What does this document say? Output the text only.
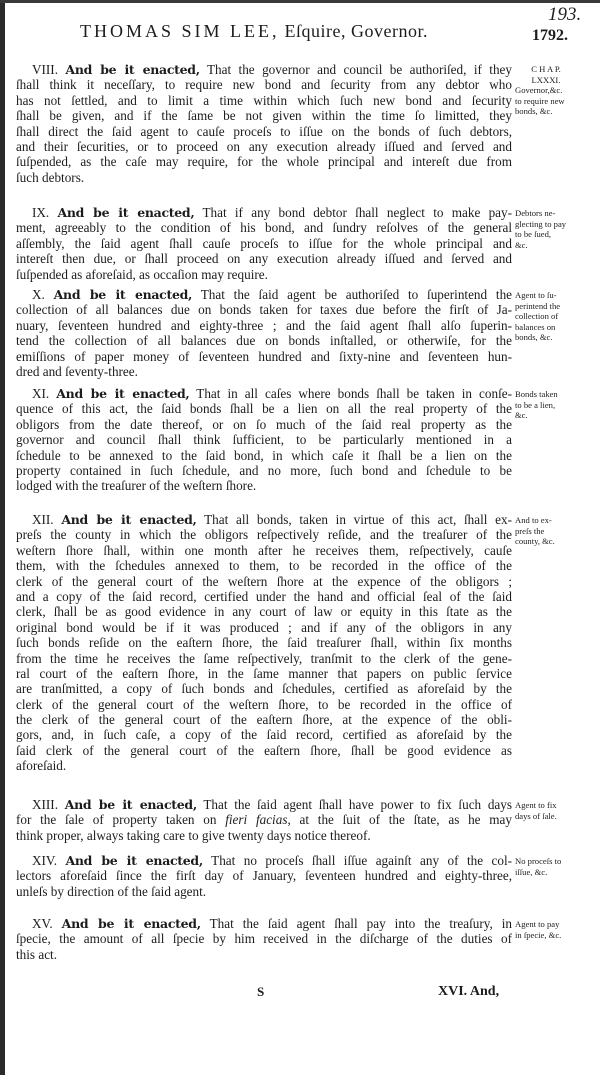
193.
THOMAS SIM LEE, Eſquire, Governor.	1792.
C H A P.
LXXXI.
VIII. And be it enacted, That the governor and council be authoriſed, if they
ſhall think it neceſſary, to require new bond and ſecurity from any debtor who
has not ſettled, and to limit a time within which ſuch new bond and ſecurity
ſhall be given, and if the ſame be not given within the time ſo limitted, they
ſhall direct the ſaid agent to cauſe proceſs to iſſue on the bonds of ſuch debtors,
and their ſecurities, or to proceed on any execution already iſſued and ſerved and
ſuſpended, as the caſe may require, for the whole principal and intereſt due from
ſuch debtors.
Governor,&c.
to require new
bonds, &c.
IX. And be it enacted, That if any bond debtor ſhall neglect to make pay-
ment, agreeably to the condition of his bond, and ſundry reſolves of the general
aſſembly, the ſaid agent ſhall cauſe proceſs to iſſue for the whole principal and
intereſt then due, or ſhall proceed on any execution already iſſued and ſerved and
ſuſpended as aforeſaid, as occaſion may require.
Debtors ne-
glecting to pay
to be ſued,
&c.
X. And be it enacted, That the ſaid agent be authoriſed to ſuperintend the
collection of all balances due on bonds taken for taxes due before the firſt of Ja-
nuary, ſeventeen hundred and eighty-three ; and the ſaid agent ſhall alſo ſuperin-
tend the collection of all balances due on bonds inſtalled, or otherwiſe, for the
emiſſions of paper money of ſeventeen hundred and ſixty-nine and ſeventeen hun-
dred and ſeventy-three.
Agent to ſu-
perintend the
collection of
balances on
bonds, &c.
XI. And be it enacted, That in all caſes where bonds ſhall be taken in conſe-
quence of this act, the ſaid bonds ſhall be a lien on all the real property of the
obligors from the date thereof, or on ſo much of the ſaid real property as the
governor and council ſhall think ſufficient, to be particularly mentioned in a
ſchedule to be annexed to the ſaid bond, in which caſe it ſhall be a lien on the
property contained in ſuch ſchedule, and no more, ſuch bond and ſchedule to be
lodged with the treaſurer of the weſtern ſhore.
Bonds taken
to be a lien,
&c.
XII. And be it enacted, That all bonds, taken in virtue of this act, ſhall ex-
preſs the county in which the obligors reſpectively reſide, and the treaſurer of the
weſtern ſhore ſhall, within one month after he receives them, reſpectively, cauſe
them, with the ſchedules annexed to them, to be recorded in the office of the
clerk of the general court of the weſtern ſhore at the expence of the obligors ;
and a copy of the ſaid record, certified under the hand and official ſeal of the ſaid
clerk, ſhall be as good evidence in any court of law or equity in this ſtate as the
original bond would be if it was produced ; and if any of the obligors in any
ſuch bonds reſide on the eaſtern ſhore, the ſaid treaſurer ſhall, within ſix months
from the time he receives the ſame reſpectively, tranſmit to the clerk of the gene-
ral court of the eaſtern ſhore, in the ſame manner that papers on public ſervice
are tranſmitted, a copy of ſuch bonds and ſchedules, certified as aforeſaid by the
clerk of the general court of the weſtern ſhore, to be recorded in the office of
the clerk of the general court of the eaſtern ſhore, at the expence of the obli-
gors, and, in ſuch caſe, a copy of the ſaid record, certified as aforeſaid by the
ſaid clerk of the general court of the eaſtern ſhore, ſhall be good evidence as
aforeſaid.
And to ex-
preſs the
county, &c.
XIII. And be it enacted, That the ſaid agent ſhall have power to fix ſuch days
for the ſale of property taken on fieri facias, at the ſuit of the ſtate, as he may
think proper, always taking care to give twenty days notice thereof.
Agent to fix
days of ſale.
XIV. And be it enacted, That no proceſs ſhall iſſue againſt any of the col-
lectors aforeſaid ſince the firſt day of January, ſeventeen hundred and eighty-three,
unleſs by direction of the ſaid agent.
No proceſs to
iſſue, &c.
XV. And be it enacted, That the ſaid agent ſhall pay into the treaſury, in
ſpecie, the amount of all ſpecie by him received in the diſcharge of the duties of
this act.
Agent to pay
in ſpecie, &c.
S	XVI. And,
